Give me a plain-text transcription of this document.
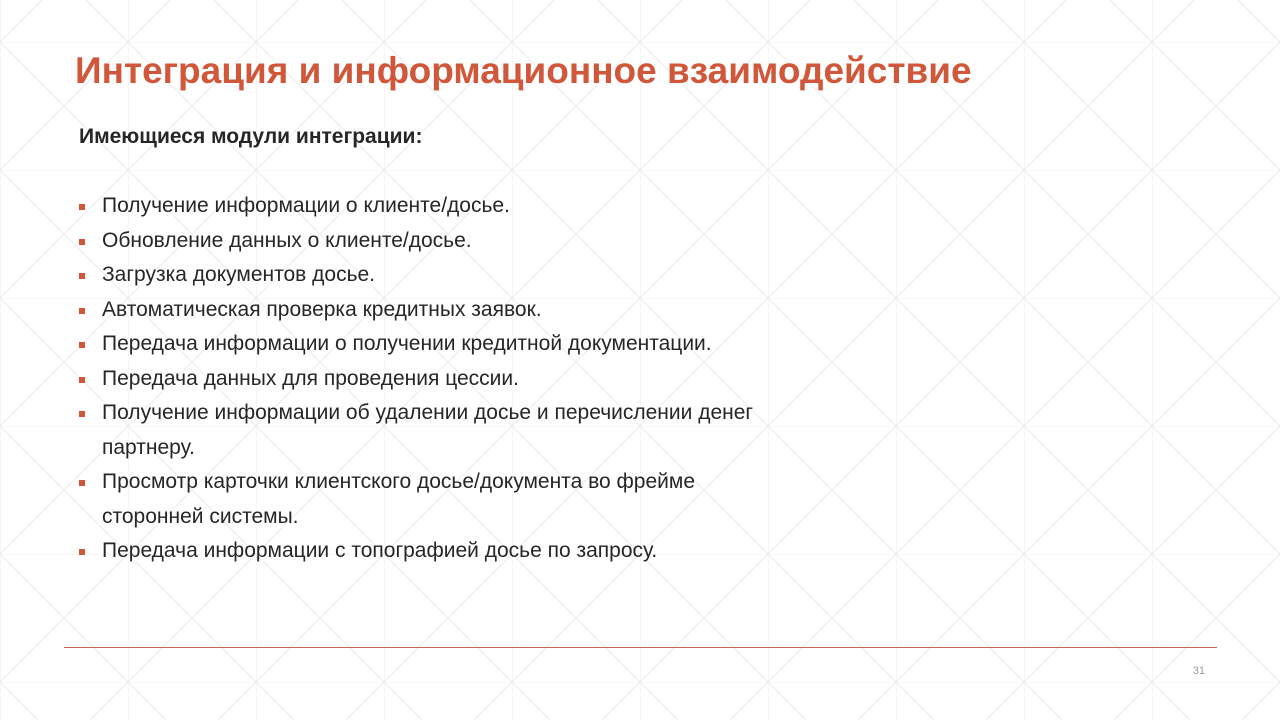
Интеграция и информационное взаимодействие
Имеющиеся модули интеграции:
Получение информации о клиенте/досье.
Обновление данных о клиенте/досье.
Загрузка документов досье.
Автоматическая проверка кредитных заявок.
Передача информации о получении кредитной документации.
Передача данных для проведения цессии.
Получение информации об удалении досье и перечислении денег партнеру.
Просмотр карточки клиентского досье/документа во фрейме сторонней системы.
Передача информации с топографией досье по запросу.
31
